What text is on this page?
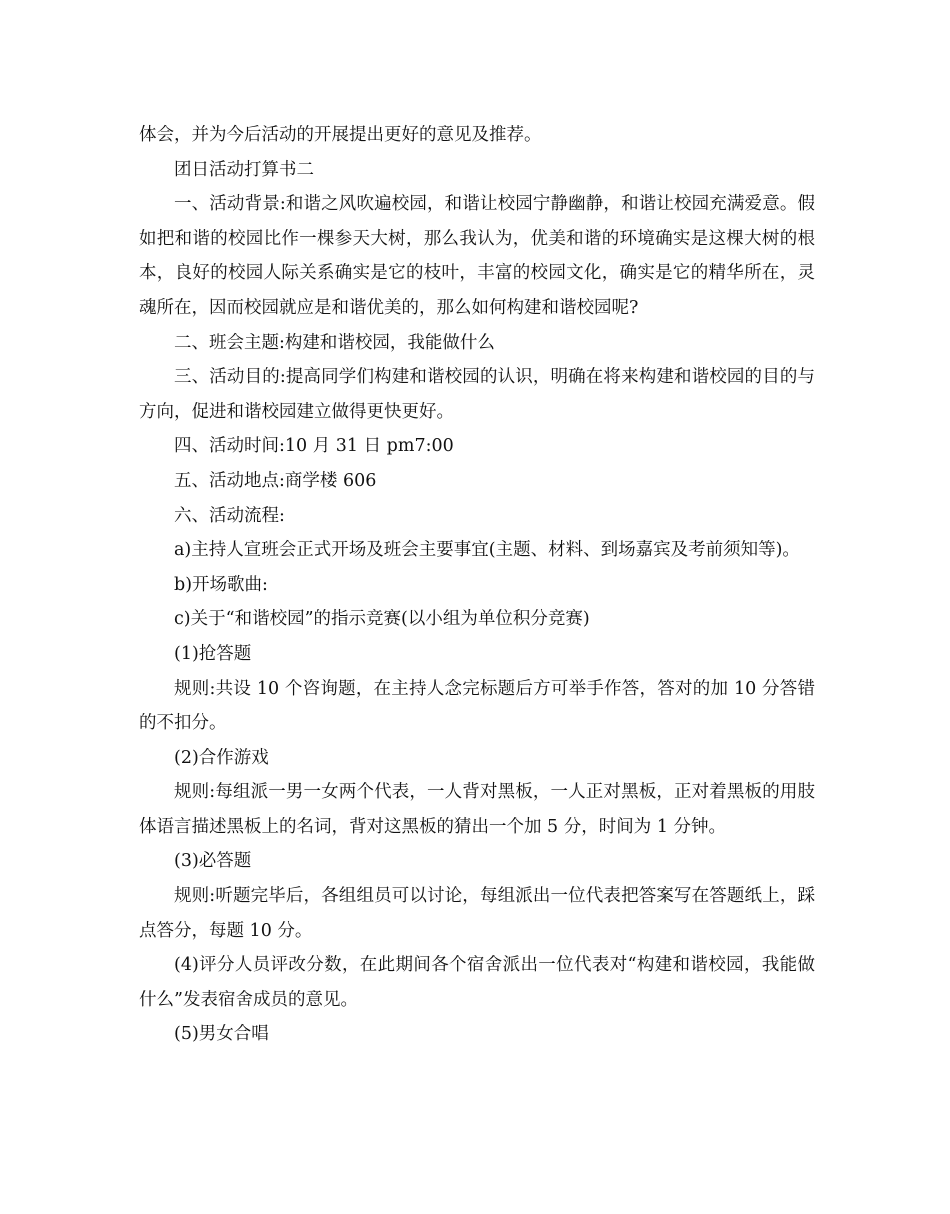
体会，并为今后活动的开展提出更好的意见及推荐。

团日活动打算书二

一、活动背景:和谐之风吹遍校园，和谐让校园宁静幽静，和谐让校园充满爱意。假如把和谐的校园比作一棵参天大树，那么我认为，优美和谐的环境确实是这棵大树的根本，良好的校园人际关系确实是它的枝叶，丰富的校园文化，确实是它的精华所在，灵魂所在，因而校园就应是和谐优美的，那么如何构建和谐校园呢?

二、班会主题:构建和谐校园，我能做什么

三、活动目的:提高同学们构建和谐校园的认识，明确在将来构建和谐校园的目的与方向，促进和谐校园建立做得更快更好。

四、活动时间:10 月 31 日 pm7:00

五、活动地点:商学楼 606

六、活动流程:

a)主持人宣班会正式开场及班会主要事宜(主题、材料、到场嘉宾及考前须知等)。

b)开场歌曲:

c)关于“和谐校园”的指示竞赛(以小组为单位积分竞赛)

(1)抢答题

规则:共设 10 个咨询题，在主持人念完标题后方可举手作答，答对的加 10 分答错的不扣分。

(2)合作游戏

规则:每组派一男一女两个代表，一人背对黑板，一人正对黑板，正对着黑板的用肢体语言描述黑板上的名词，背对这黑板的猜出一个加 5 分，时间为 1 分钟。

(3)必答题

规则:听题完毕后，各组组员可以讨论，每组派出一位代表把答案写在答题纸上，踩点答分，每题 10 分。

(4)评分人员评改分数，在此期间各个宿舍派出一位代表对“构建和谐校园，我能做什么”发表宿舍成员的意见。

(5)男女合唱
